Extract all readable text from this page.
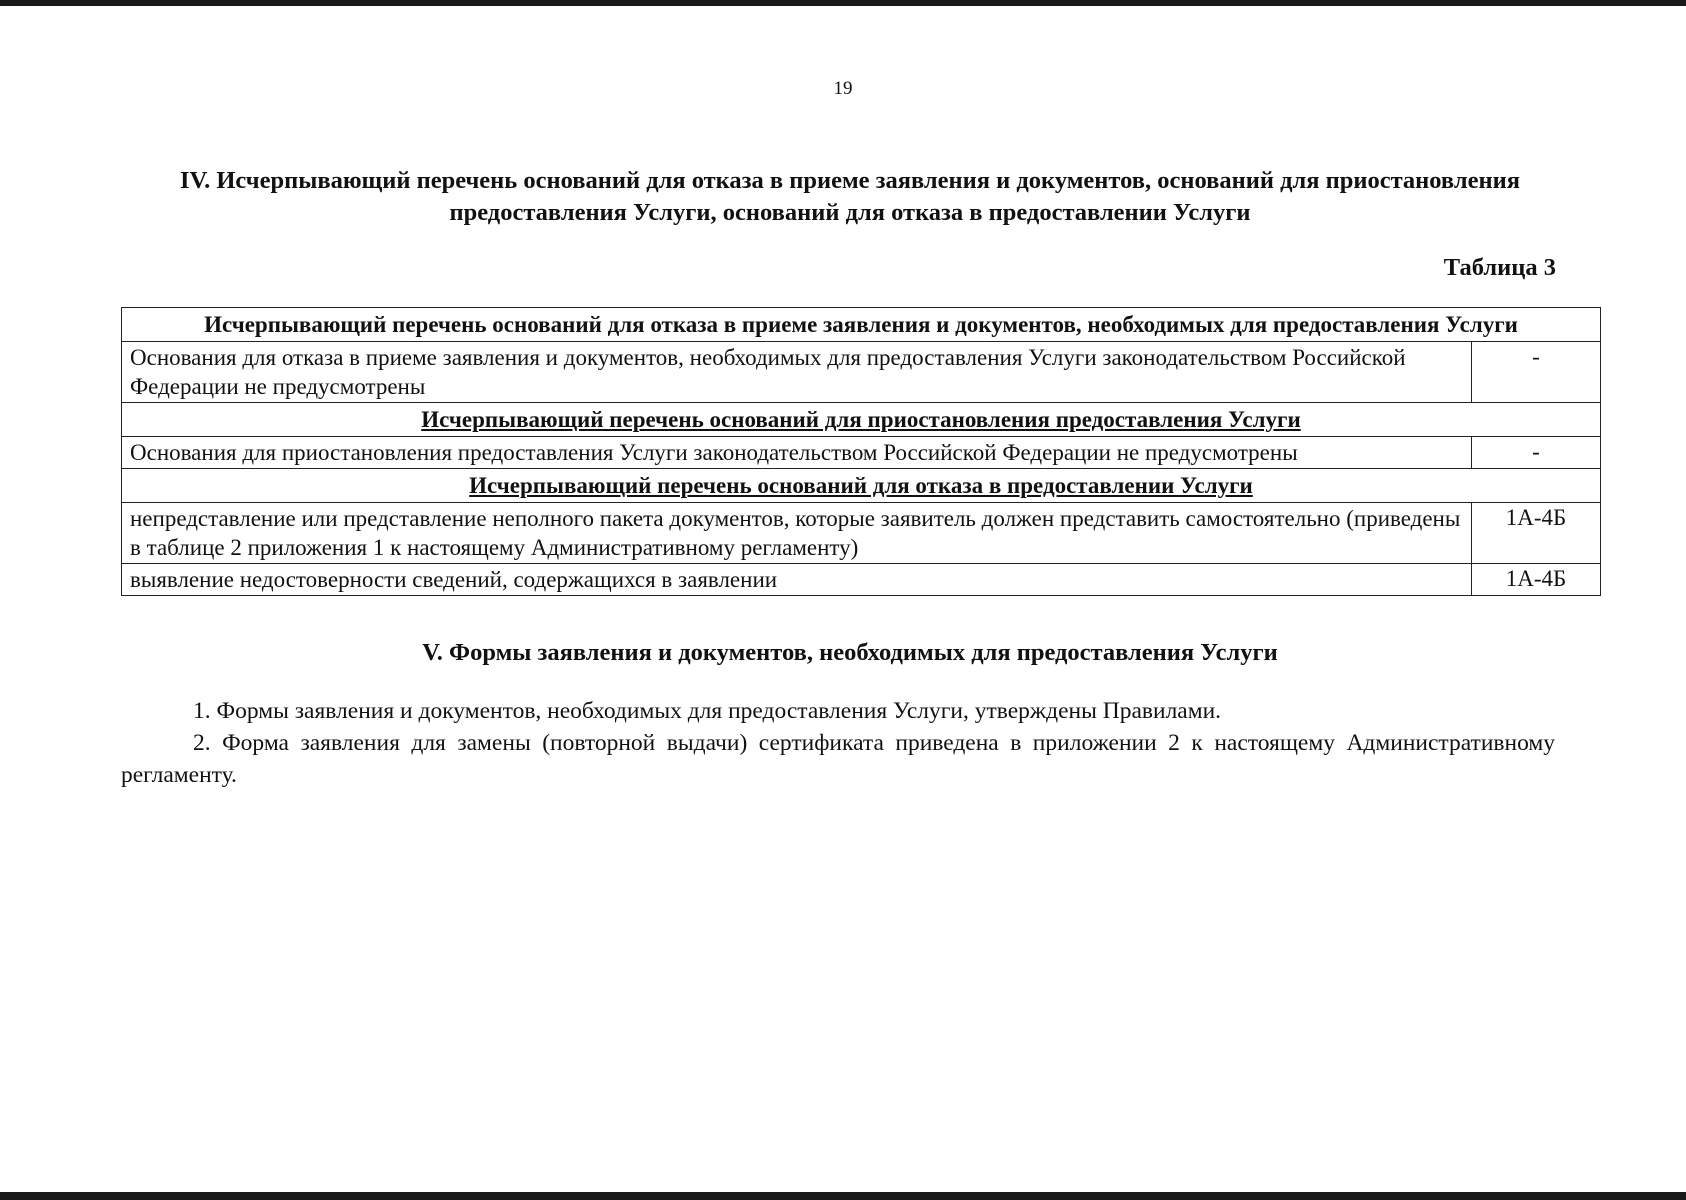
19
IV. Исчерпывающий перечень оснований для отказа в приеме заявления и документов, оснований для приостановления предоставления Услуги, оснований для отказа в предоставлении Услуги
Таблица 3
Исчерпывающий перечень оснований для отказа в приеме заявления и документов, необходимых для предоставления Услуги	
Основания для отказа в приеме заявления и документов, необходимых для предоставления Услуги законодательством Российской Федерации не предусмотрены	-
Исчерпывающий перечень оснований для приостановления предоставления Услуги	
Основания для приостановления предоставления Услуги законодательством Российской Федерации не предусмотрены	-
Исчерпывающий перечень оснований для отказа в предоставлении Услуги	
непредставление или представление неполного пакета документов, которые заявитель должен представить самостоятельно (приведены в таблице 2 приложения 1 к настоящему Административному регламенту)	1А-4Б
выявление недостоверности сведений, содержащихся в заявлении	1А-4Б
V. Формы заявления и документов, необходимых для предоставления Услуги

1. Формы заявления и документов, необходимых для предоставления Услуги, утверждены Правилами.

2. Форма заявления для замены (повторной выдачи) сертификата приведена в приложении 2 к настоящему Административному регламенту.
